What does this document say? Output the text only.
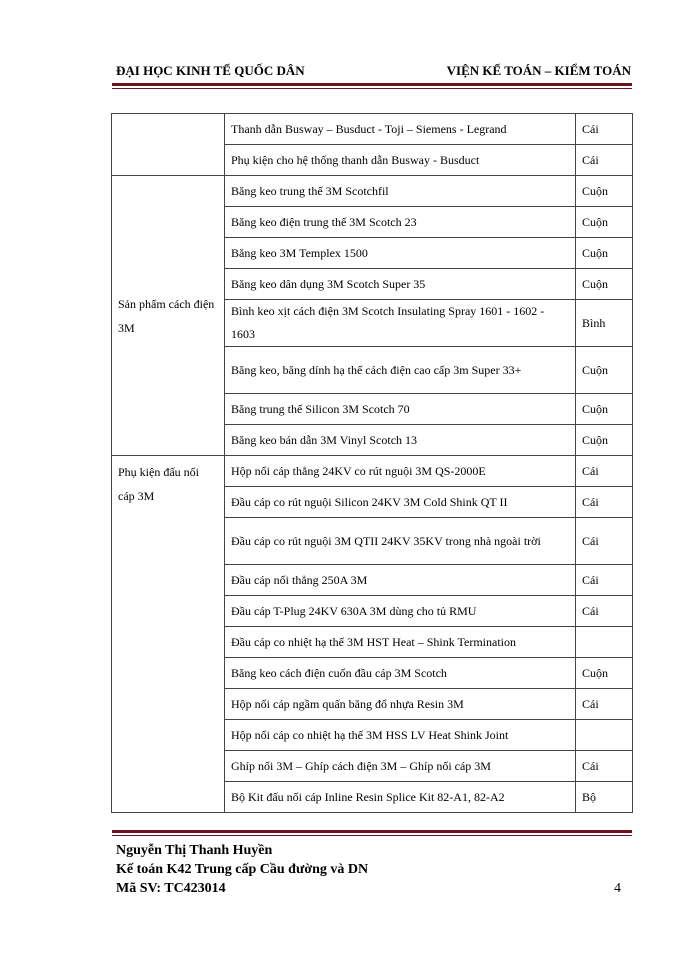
ĐẠI HỌC KINH TẾ QUỐC DÂN	VIỆN KẾ TOÁN – KIỂM TOÁN
	Thanh dẫn Busway – Busduct - Toji – Siemens - Legrand	Cái
	Phụ kiện cho hệ thống thanh dẫn Busway - Busduct	Cái
Sản phẩm cách điện 3M	Băng keo trung thế 3M Scotchfil	Cuộn
	Băng keo điện trung thế 3M Scotch 23	Cuộn
	Băng keo 3M Templex 1500	Cuộn
	Băng keo dân dụng 3M Scotch Super 35	Cuộn
	Bình keo xịt cách điện 3M Scotch Insulating Spray 1601 - 1602 - 1603	Bình
	Băng keo, băng dính hạ thế cách điện cao cấp 3m Super 33+	Cuộn
	Băng trung thế Silicon 3M Scotch 70	Cuộn
	Băng keo bán dẫn 3M Vinyl Scotch 13	Cuộn
Phụ kiện đấu nối cáp 3M	Hộp nối cáp thẳng 24KV co rút nguội 3M QS-2000E	Cái
	Đầu cáp co rút nguội Silicon 24KV 3M Cold Shink QT II	Cái
	Đầu cáp co rút nguội 3M QTII 24KV 35KV trong nhà ngoài trời	Cái
	Đầu cáp nối thẳng 250A 3M	Cái
	Đầu cáp T-Plug 24KV 630A 3M dùng cho tủ RMU	Cái
	Đầu cáp co nhiệt hạ thế 3M HST Heat – Shink Termination	
	Băng keo cách điện cuốn đầu cáp 3M Scotch	Cuộn
	Hộp nối cáp ngầm quấn băng đổ nhựa Resin 3M	Cái
	Hộp nối cáp co nhiệt hạ thế 3M HSS LV Heat Shink Joint	
	Ghíp nối 3M – Ghíp cách điện 3M – Ghíp nối cáp 3M	Cái
	Bộ Kit đấu nối cáp Inline Resin Splice Kit 82-A1, 82-A2	Bộ
Nguyễn Thị Thanh Huyền
Kế toán K42 Trung cấp Cầu đường và DN
Mã SV: TC423014	4
